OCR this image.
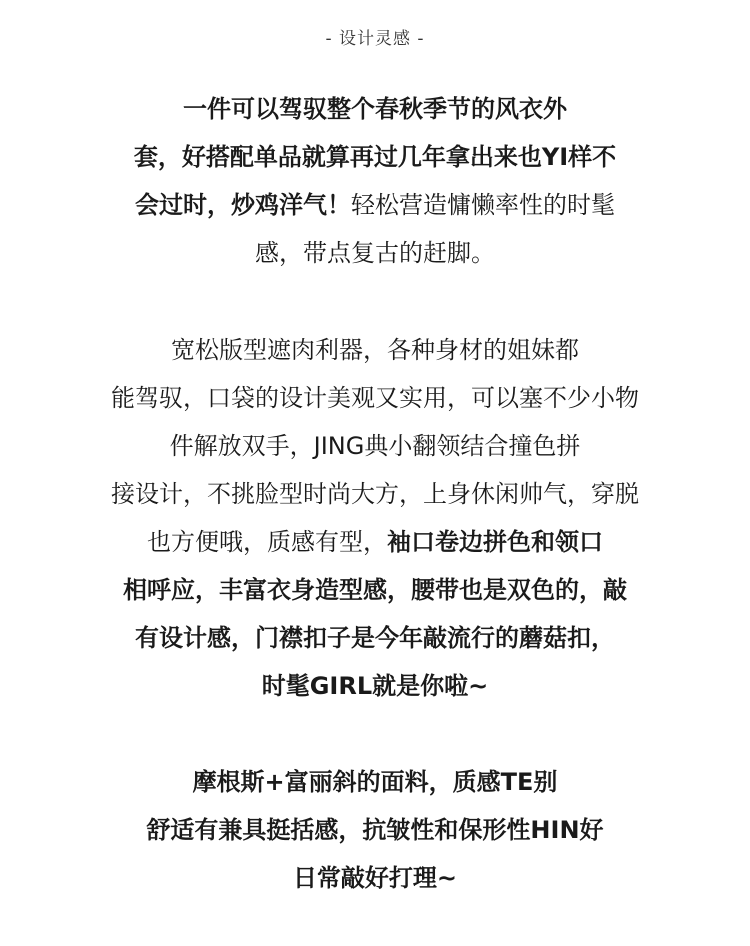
- 设计灵感 -
一件可以驾驭整个春秋季节的风衣外
套，好搭配单品就算再过几年拿出来也YI样不
会过时，炒鸡洋气！轻松营造慵懒率性的时髦
感，带点复古的赶脚。
宽松版型遮肉利器，各种身材的姐妹都
能驾驭，口袋的设计美观又实用，可以塞不少小物
件解放双手，JING典小翻领结合撞色拼
接设计，不挑脸型时尚大方，上身休闲帅气，穿脱
也方便哦，质感有型，袖口卷边拼色和领口
相呼应，丰富衣身造型感，腰带也是双色的，敲
有设计感，门襟扣子是今年敲流行的蘑菇扣，
时髦GIRL就是你啦~
摩根斯+富丽斜的面料，质感TE别
舒适有兼具挺括感，抗皱性和保形性HIN好
日常敲好打理~
